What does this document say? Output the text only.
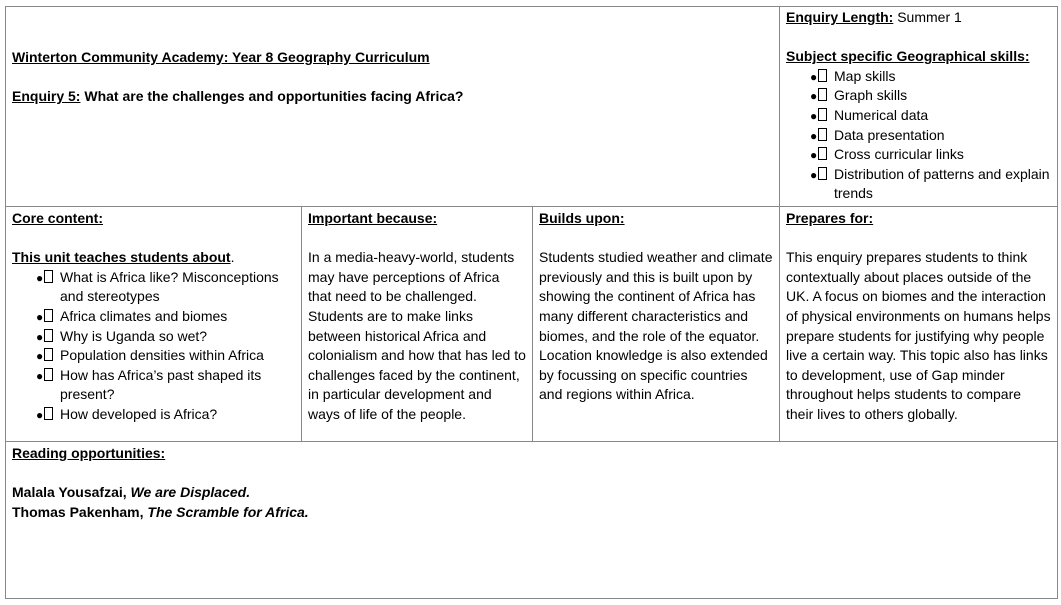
Winterton Community Academy: Year 8 Geography Curriculum
Enquiry 5: What are the challenges and opportunities facing Africa?
Enquiry Length: Summer 1
Subject specific Geographical skills:
●	Map skills
●	Graph skills
●	Numerical data
●	Data presentation
●	Cross curricular links
●	Distribution of patterns and explain trends
Core content:
This unit teaches students about.
●	What is Africa like? Misconceptions and stereotypes
●	Africa climates and biomes
●	Why is Uganda so wet?
●	Population densities within Africa
●	How has Africa’s past shaped its present?
●	How developed is Africa?
Important because:
In a media-heavy-world, students may have perceptions of Africa that need to be challenged. Students are to make links between historical Africa and colonialism and how that has led to challenges faced by the continent, in particular development and ways of life of the people.
Builds upon:
Students studied weather and climate previously and this is built upon by showing the continent of Africa has many different characteristics and biomes, and the role of the equator. Location knowledge is also extended by focussing on specific countries and regions within Africa.
Prepares for:
This enquiry prepares students to think contextually about places outside of the UK. A focus on biomes and the interaction of physical environments on humans helps prepare students for justifying why people live a certain way. This topic also has links to development, use of Gap minder throughout helps students to compare their lives to others globally.
Reading opportunities:
Malala Yousafzai, We are Displaced.
Thomas Pakenham, The Scramble for Africa.
